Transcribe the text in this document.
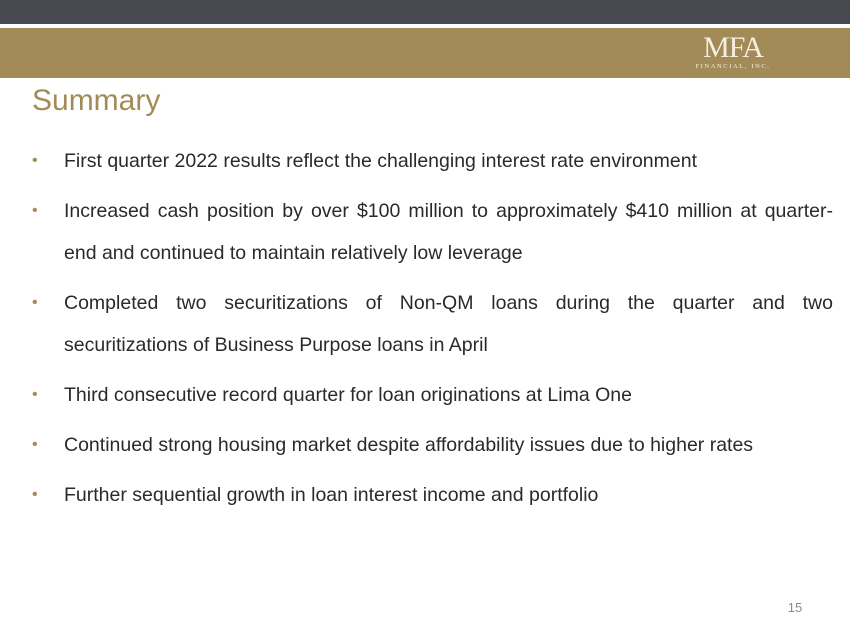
MFA
FINANCIAL, INC.
Summary
•	First quarter 2022 results reflect the challenging interest rate environment
•	Increased cash position by over $100 million to approximately $410 million at quarter-end and continued to maintain relatively low leverage
•	Completed two securitizations of Non-QM loans during the quarter and two securitizations of Business Purpose loans in April
•	Third consecutive record quarter for loan originations at Lima One
•	Continued strong housing market despite affordability issues due to higher rates
•	Further sequential growth in loan interest income and portfolio
15
